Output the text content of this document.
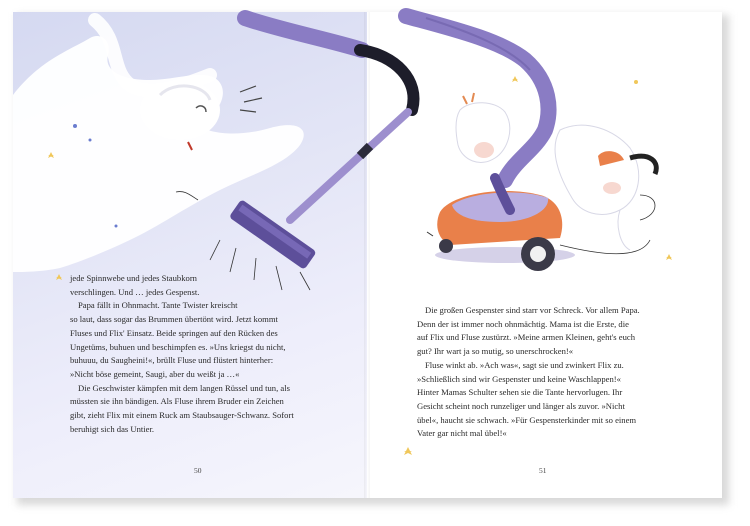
jede Spinnwebe und jedes Staubkorn

verschlingen. Und … jedes Gespenst.

Papa fällt in Ohnmacht. Tante Twister kreischt

so laut, dass sogar das Brummen übertönt wird. Jetzt kommt

Fluses und Flix' Einsatz. Beide springen auf den Rücken des

Ungetüms, buhuen und beschimpfen es. »Uns kriegst du nicht,

buhuuu, du Saugheini!«, brüllt Fluse und flüstert hinterher:

»Nicht böse gemeint, Saugi, aber du weißt ja …«

Die Geschwister kämpfen mit dem langen Rüssel und tun, als

müssten sie ihn bändigen. Als Fluse ihrem Bruder ein Zeichen

gibt, zieht Flix mit einem Ruck am Staubsauger-Schwanz. Sofort

beruhigt sich das Untier.

Die großen Gespenster sind starr vor Schreck. Vor allem Papa.

Denn der ist immer noch ohnmächtig. Mama ist die Erste, die

auf Flix und Fluse zustürzt. »Meine armen Kleinen, geht's euch

gut? Ihr wart ja so mutig, so unerschrocken!«

Fluse winkt ab. »Ach was«, sagt sie und zwinkert Flix zu.

»Schließlich sind wir Gespenster und keine Waschlappen!«

Hinter Mamas Schulter sehen sie die Tante hervorlugen. Ihr

Gesicht scheint noch runzeliger und länger als zuvor. »Nicht

übel«, haucht sie schwach. »Für Gespensterkinder mit so einem

Vater gar nicht mal übel!«

50	51
